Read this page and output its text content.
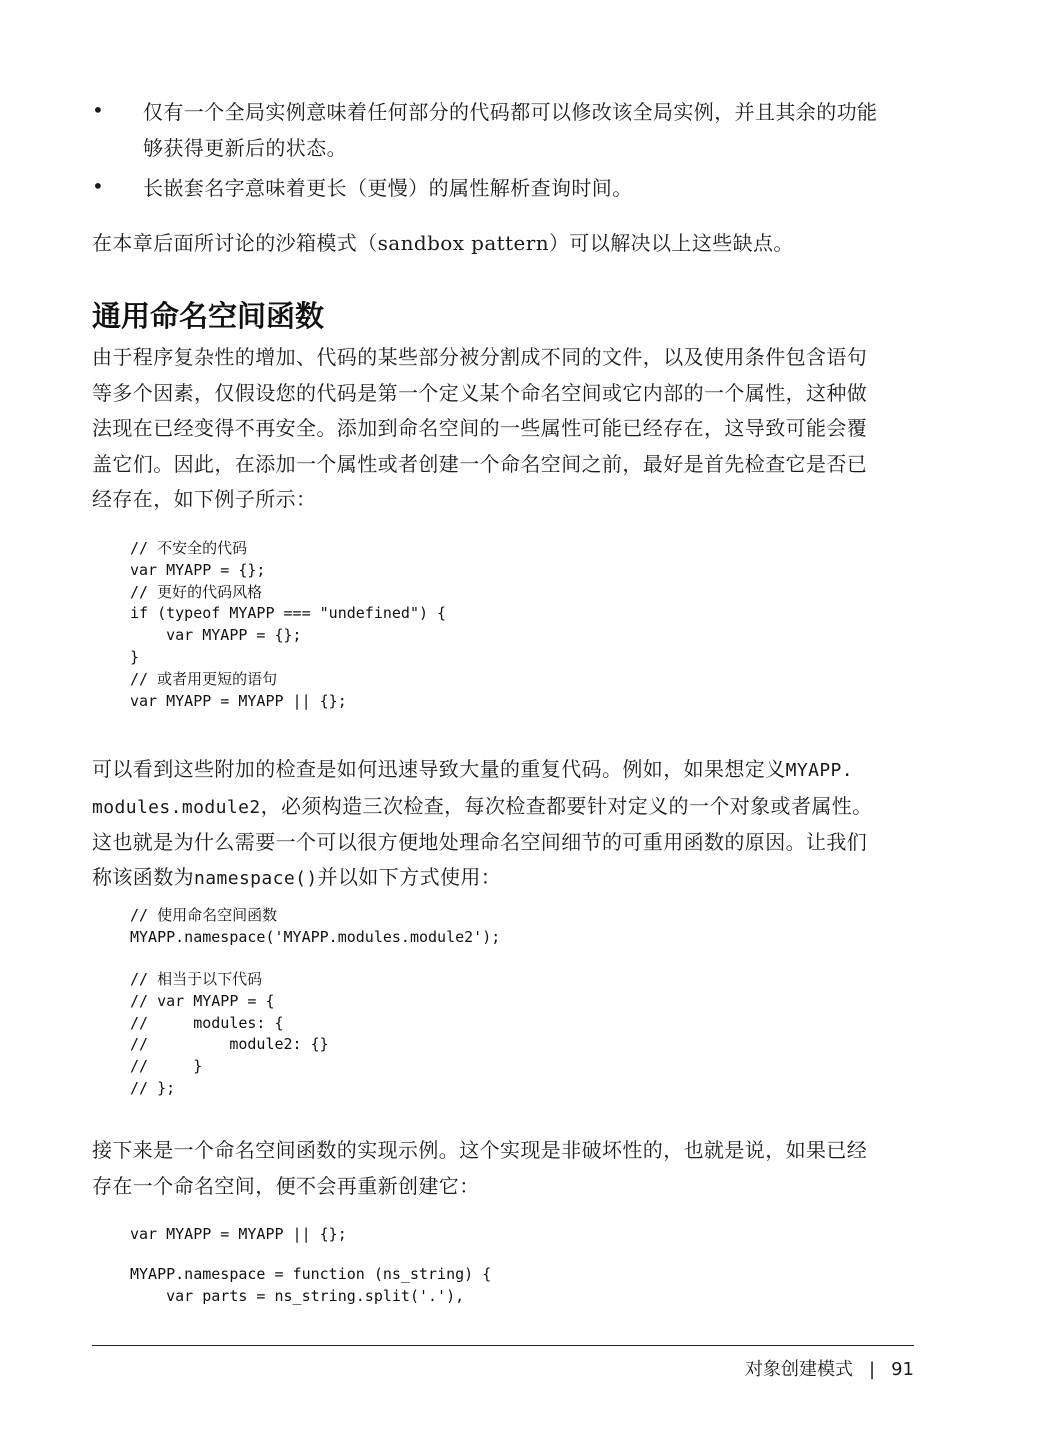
• 仅有一个全局实例意味着任何部分的代码都可以修改该全局实例，并且其余的功能
够获得更新后的状态。
• 长嵌套名字意味着更长（更慢）的属性解析查询时间。
在本章后面所讨论的沙箱模式（sandbox pattern）可以解决以上这些缺点。
通用命名空间函数
由于程序复杂性的增加、代码的某些部分被分割成不同的文件，以及使用条件包含语句
等多个因素，仅假设您的代码是第一个定义某个命名空间或它内部的一个属性，这种做
法现在已经变得不再安全。添加到命名空间的一些属性可能已经存在，这导致可能会覆
盖它们。因此，在添加一个属性或者创建一个命名空间之前，最好是首先检查它是否已
经存在，如下例子所示：
// 不安全的代码
var MYAPP = {};
// 更好的代码风格
if (typeof MYAPP === "undefined") {
var MYAPP = {};
}
// 或者用更短的语句
var MYAPP = MYAPP || {};
可以看到这些附加的检查是如何迅速导致大量的重复代码。例如，如果想定义MYAPP.
modules.module2，必须构造三次检查，每次检查都要针对定义的一个对象或者属性。
这也就是为什么需要一个可以很方便地处理命名空间细节的可重用函数的原因。让我们
称该函数为namespace()并以如下方式使用：
// 使用命名空间函数
MYAPP.namespace('MYAPP.modules.module2');
// 相当于以下代码
// var MYAPP = {
//     modules: {
//         module2: {}
//     }
// };
接下来是一个命名空间函数的实现示例。这个实现是非破坏性的，也就是说，如果已经
存在一个命名空间，便不会再重新创建它：
var MYAPP = MYAPP || {};
MYAPP.namespace = function (ns_string) {
var parts = ns_string.split('.'),
对象创建模式 | 91
